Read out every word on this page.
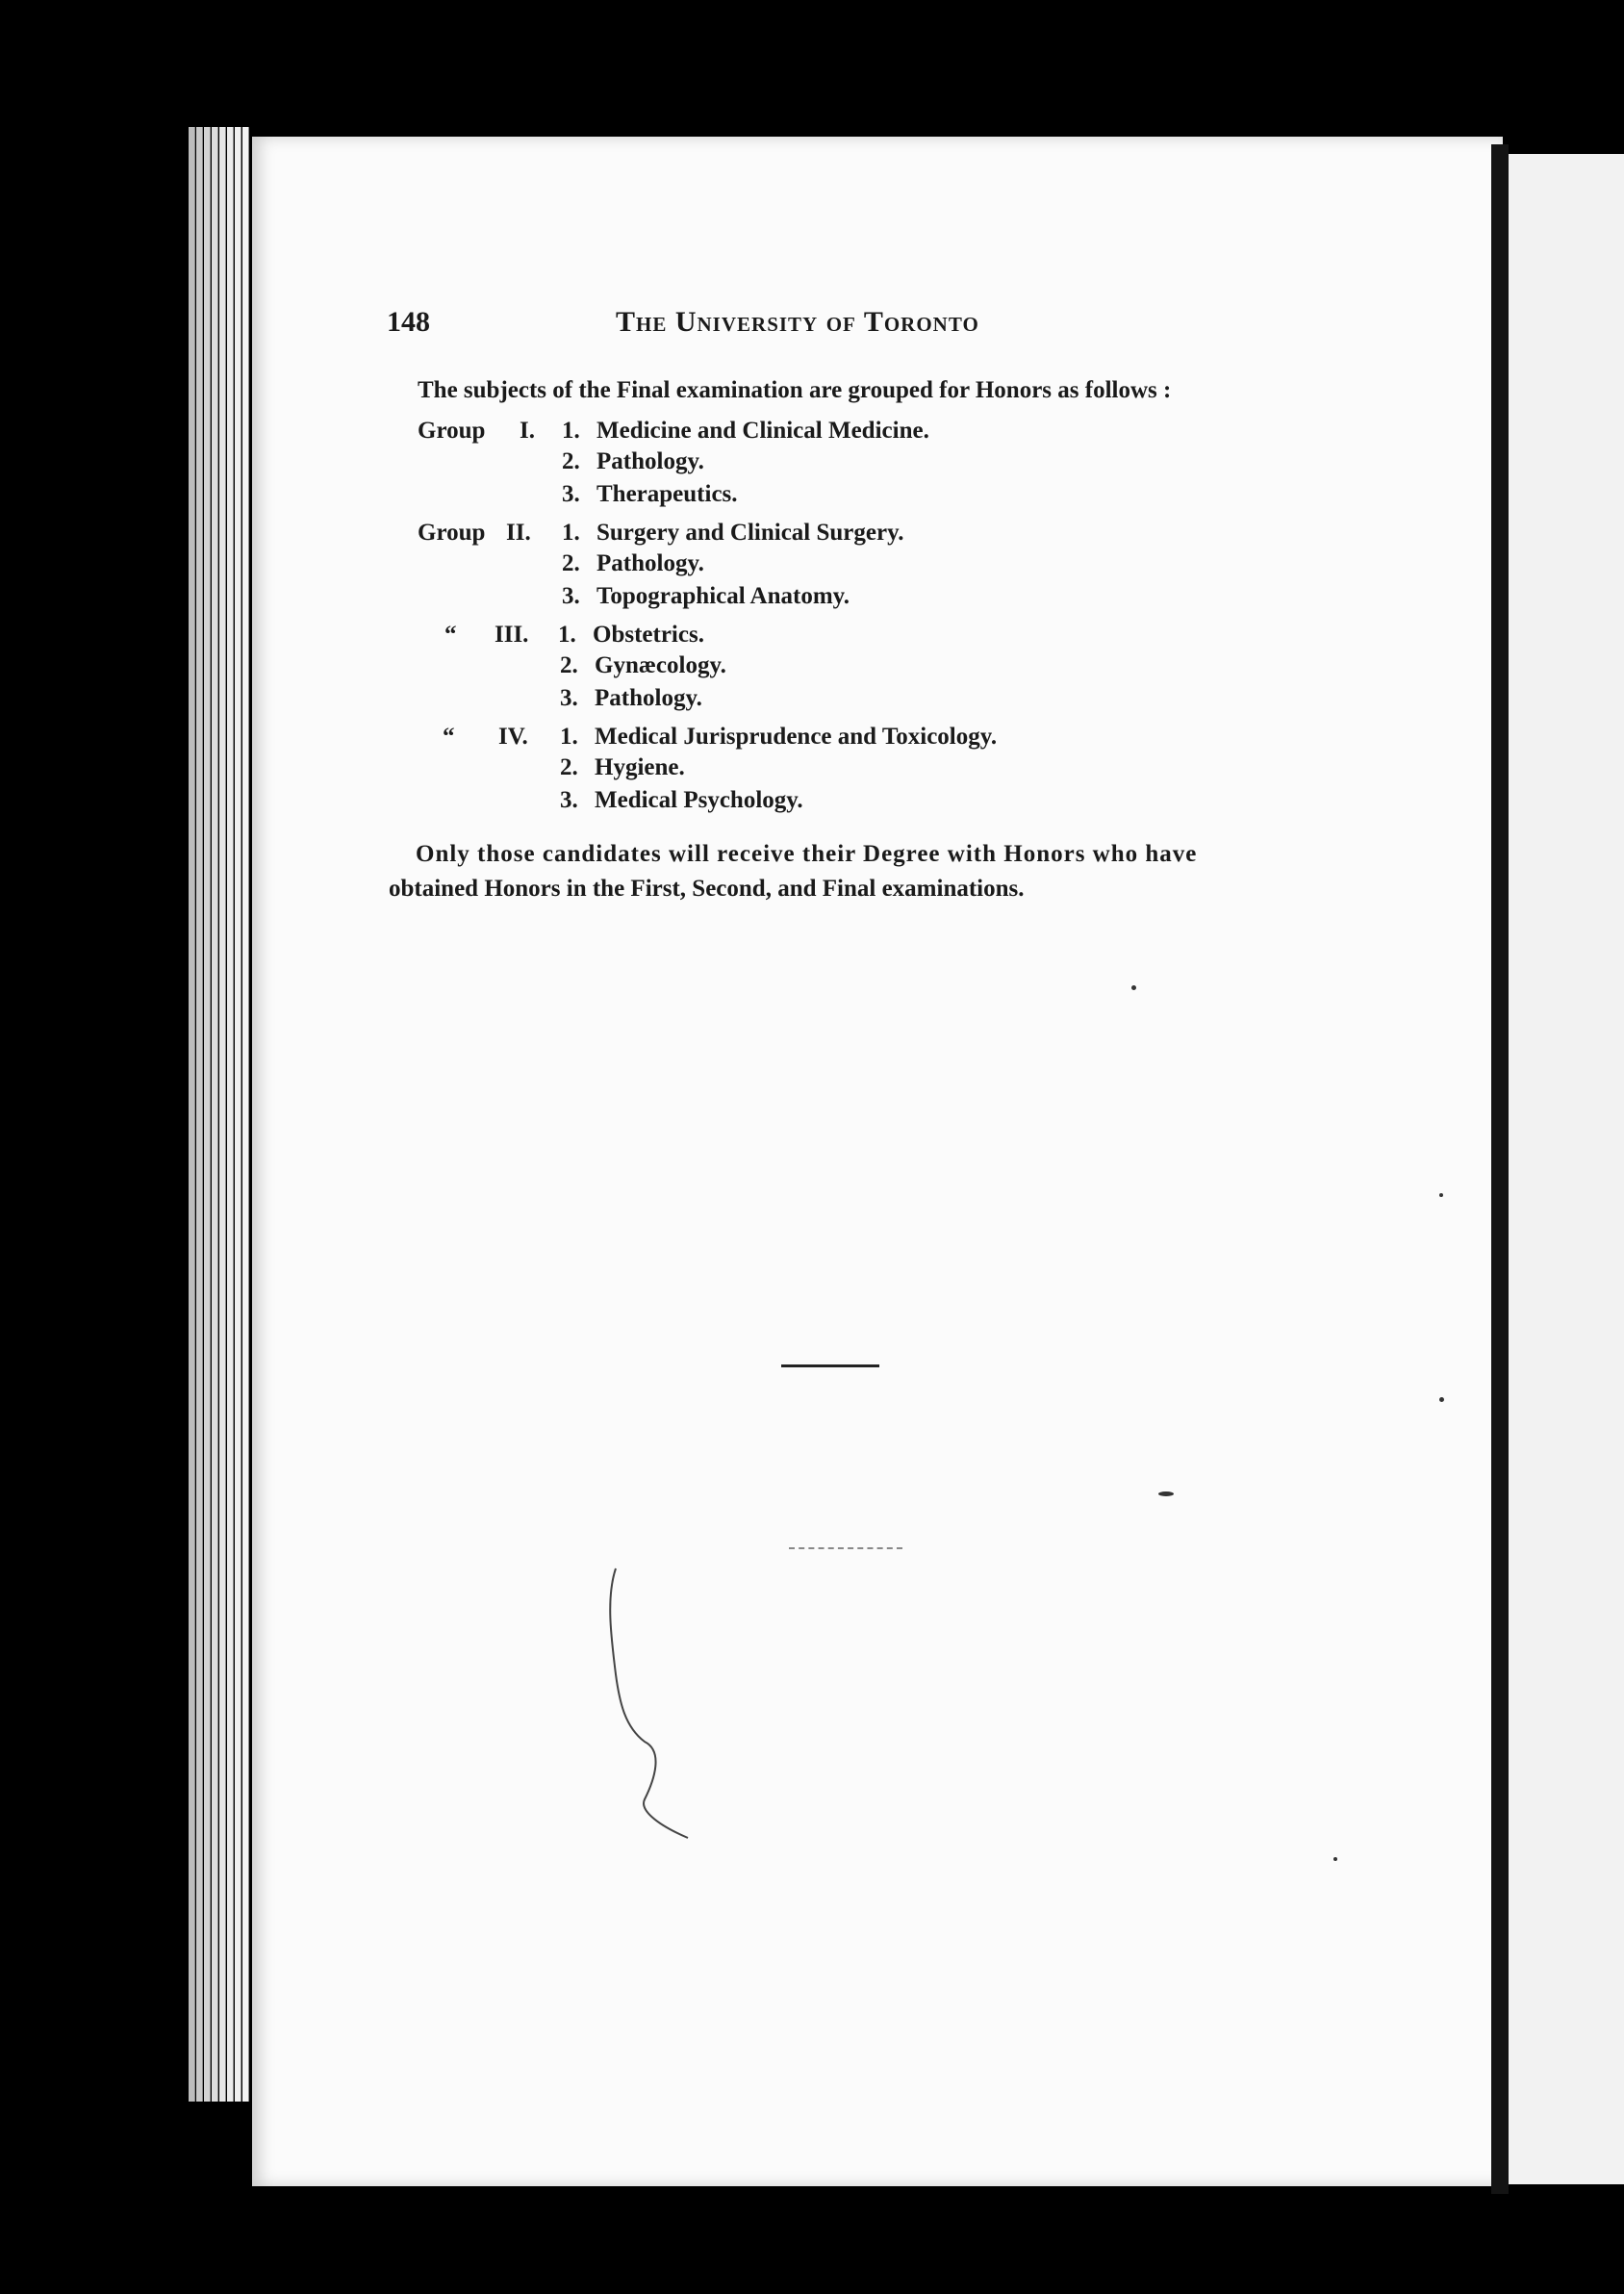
148	The University of Toronto
The subjects of the Final examination are grouped for Honors as follows :
Group I. 1. Medicine and Clinical Medicine.
2. Pathology.
3. Therapeutics.
Group II. 1. Surgery and Clinical Surgery.
2. Pathology.
3. Topographical Anatomy.
“ III. 1. Obstetrics.
2. Gynæcology.
3. Pathology.
“ IV. 1. Medical Jurisprudence and Toxicology.
2. Hygiene.
3. Medical Psychology.
Only those candidates will receive their Degree with Honors who have
obtained Honors in the First, Second, and Final examinations.
